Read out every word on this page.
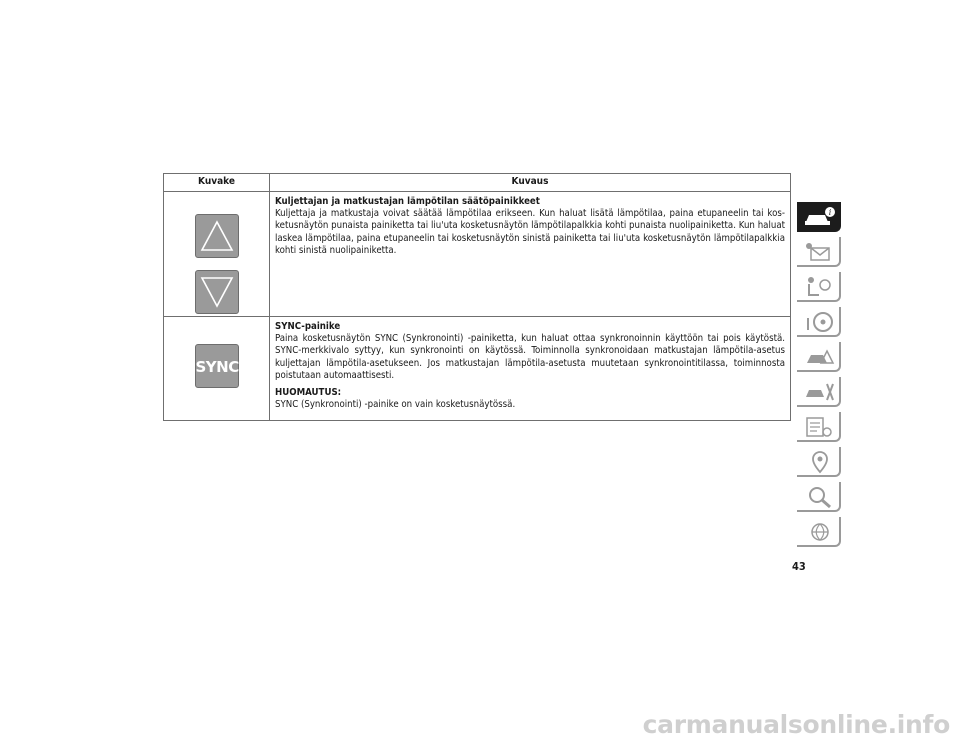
Kuvake	Kuvaus

Kuljettajan ja matkustajan lämpötilan säätöpainikkeet
Kuljettaja ja matkustaja voivat säätää lämpötilaa erikseen. Kun haluat lisätä lämpötilaa, paina etupaneelin tai kosketusnäytön punaista painiketta tai liu'uta kosketusnäytön lämpötilapalkkia kohti punaista nuolipainiketta. Kun haluat laskea lämpötilaa, paina etupaneelin tai kosketusnäytön sinistä painiketta tai liu'uta kosketusnäytön lämpötilapalkkia kohti sinistä nuolipainiketta.

SYNC	SYNC-painike
Paina kosketusnäytön SYNC (Synkronointi) -painiketta, kun haluat ottaa synkronoinnin käyttöön tai pois käytöstä. SYNC-merkkivalo syttyy, kun synkronointi on käytössä. Toiminnolla synkronoidaan matkustajan lämpötila-asetus kuljettajan lämpötila-asetukseen. Jos matkustajan lämpötila-asetusta muutetaan synkronointitilassa, toiminnosta poistutaan automaattisesti.
HUOMAUTUS:
SYNC (Synkronointi) -painike on vain kosketusnäytössä.
i
43
carmanualsonline.info
